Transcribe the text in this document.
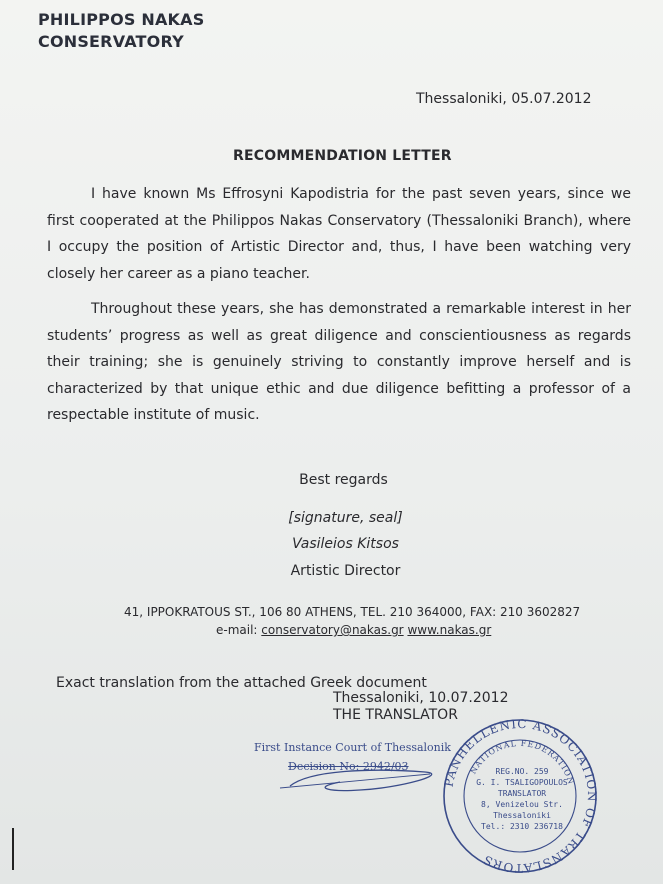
PHILIPPOS NAKAS
CONSERVATORY
Thessaloniki, 05.07.2012
RECOMMENDATION LETTER
I have known Ms Effrosyni Kapodistria for the past seven years, since we first cooperated at the Philippos Nakas Conservatory (Thessaloniki Branch), where I occupy the position of Artistic Director and, thus, I have been watching very closely her career as a piano teacher.
Throughout these years, she has demonstrated a remarkable interest in her students’ progress as well as great diligence and conscientiousness as regards their training; she is genuinely striving to constantly improve herself and is characterized by that unique ethic and due diligence befitting a professor of a respectable institute of music.
Best regards
[signature, seal]
Vasileios Kitsos
Artistic Director
41, IPPOKRATOUS ST., 106 80 ATHENS, TEL. 210 364000, FAX: 210 3602827
e-mail: conservatory@nakas.gr www.nakas.gr
Exact translation from the attached Greek document
Thessaloniki, 10.07.2012
THE TRANSLATOR
First Instance Court of Thessalonik
Decision No: 2942/03
PANHELLENIC ASSOCIATION OF TRANSLATORS
NATIONAL FEDERATION
REG.NO. 259
G. I. TSALIGOPOULOS
TRANSLATOR
8, Venizelou Str.
Thessaloniki
Tel.: 2310 236718
